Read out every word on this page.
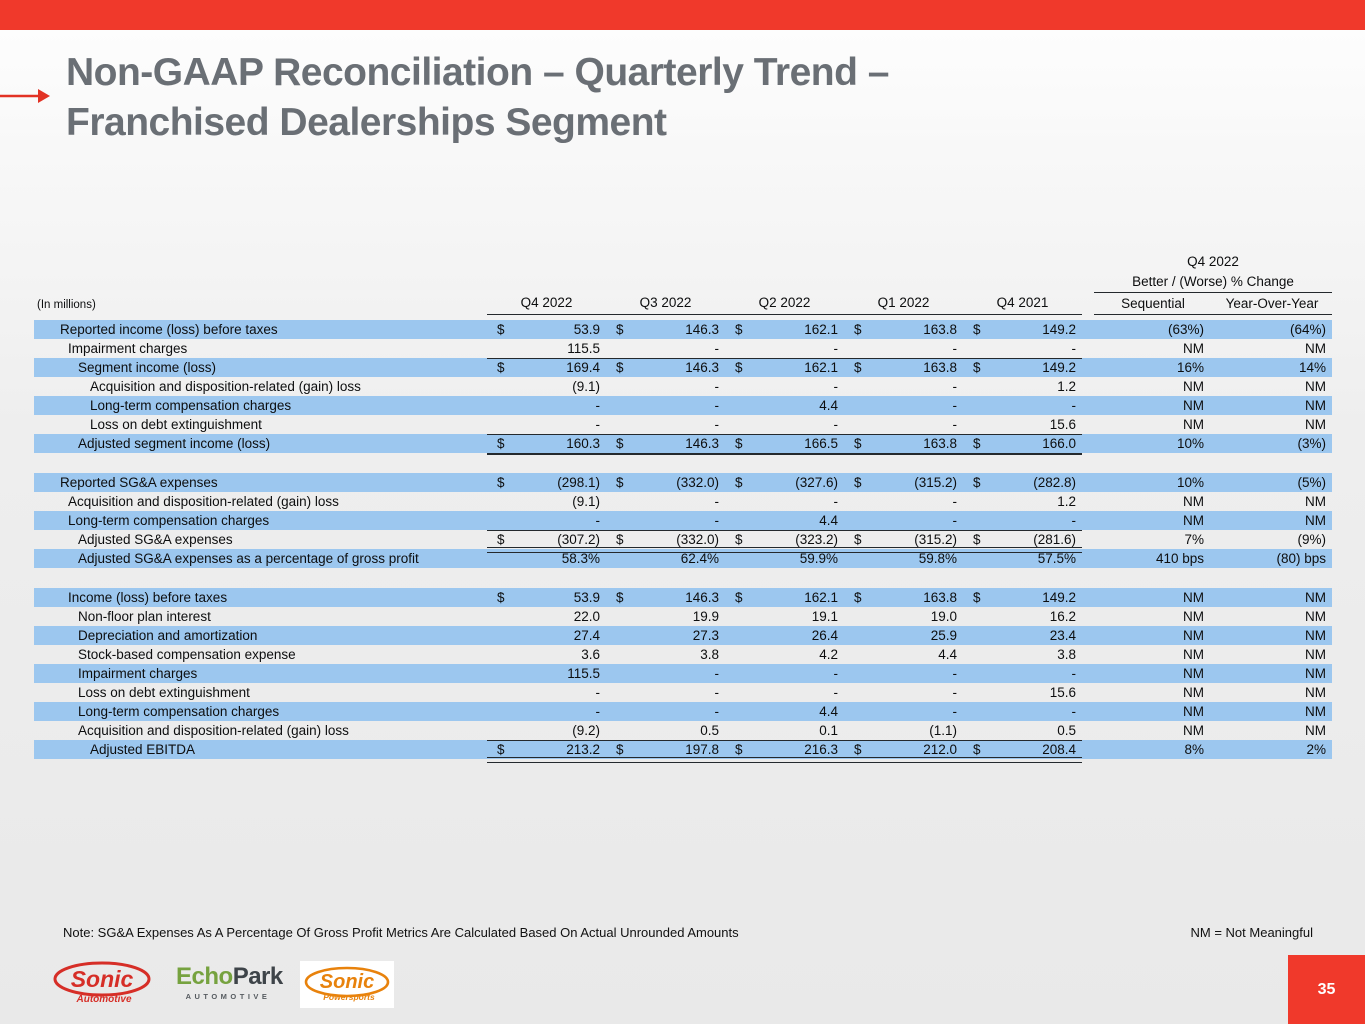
Non-GAAP Reconciliation – Quarterly Trend –
Franchised Dealerships Segment
(In millions)	Q4 2022	Q3 2022	Q2 2022	Q1 2022	Q4 2021
Q4 2022
Better / (Worse) % Change
Sequential	Year-Over-Year
Reported income (loss) before taxes	$	53.9	$	146.3	$	162.1	$	163.8	$	149.2	(63%)	(64%)
Impairment charges	115.5	-	-	-	-	NM	NM
Segment income (loss)	$	169.4	$	146.3	$	162.1	$	163.8	$	149.2	16%	14%
Acquisition and disposition-related (gain) loss	(9.1)	-	-	-	1.2	NM	NM
Long-term compensation charges	-	-	4.4	-	-	NM	NM
Loss on debt extinguishment	-	-	-	-	15.6	NM	NM
Adjusted segment income (loss)	$	160.3	$	146.3	$	166.5	$	163.8	$	166.0	10%	(3%)
Reported SG&A expenses	$	(298.1)	$	(332.0)	$	(327.6)	$	(315.2)	$	(282.8)	10%	(5%)
Acquisition and disposition-related (gain) loss	(9.1)	-	-	-	1.2	NM	NM
Long-term compensation charges	-	-	4.4	-	-	NM	NM
Adjusted SG&A expenses	$	(307.2)	$	(332.0)	$	(323.2)	$	(315.2)	$	(281.6)	7%	(9%)
Adjusted SG&A expenses as a percentage of gross profit	58.3%	62.4%	59.9%	59.8%	57.5%	410 bps	(80) bps
Income (loss) before taxes	$	53.9	$	146.3	$	162.1	$	163.8	$	149.2	NM	NM
Non-floor plan interest	22.0	19.9	19.1	19.0	16.2	NM	NM
Depreciation and amortization	27.4	27.3	26.4	25.9	23.4	NM	NM
Stock-based compensation expense	3.6	3.8	4.2	4.4	3.8	NM	NM
Impairment charges	115.5	-	-	-	-	NM	NM
Loss on debt extinguishment	-	-	-	-	15.6	NM	NM
Long-term compensation charges	-	-	4.4	-	-	NM	NM
Acquisition and disposition-related (gain) loss	(9.2)	0.5	0.1	(1.1)	0.5	NM	NM
Adjusted EBITDA	$	213.2	$	197.8	$	216.3	$	212.0	$	208.4	8%	2%
Note: SG&A Expenses As A Percentage Of Gross Profit Metrics Are Calculated Based On Actual Unrounded Amounts	NM = Not Meaningful
Sonic
Automotive
EchoPark
AUTOMOTIVE
Sonic
Powersports	35
